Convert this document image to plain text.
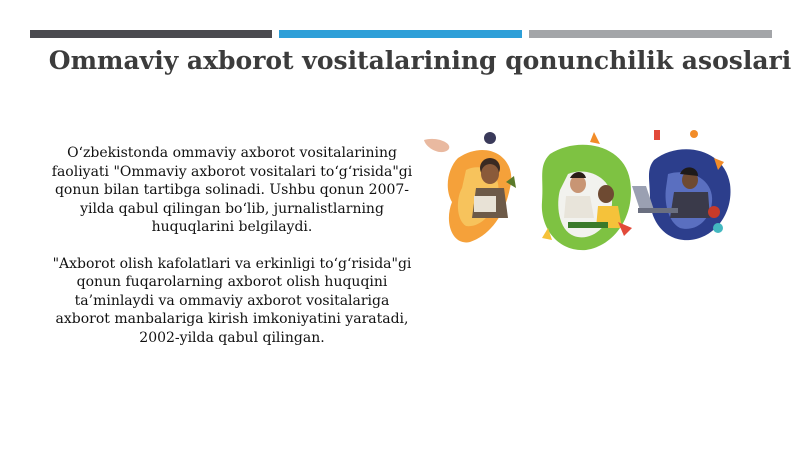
Ommaviy axborot vositalarining qonunchilik asoslari

O‘zbekistonda ommaviy axborot vositalarining faoliyati "Ommaviy axborot vositalari to‘g‘risida"gi qonun bilan tartibga solinadi. Ushbu qonun 2007-yilda qabul qilingan bo‘lib, jurnalistlarning huquqlarini belgilaydi.

"Axborot olish kafolatlari va erkinligi to‘g‘risida"gi qonun fuqarolarning axborot olish huquqini ta’minlaydi va ommaviy axborot vositalariga axborot manbalariga kirish imkoniyatini yaratadi, 2002-yilda qabul qilingan.
